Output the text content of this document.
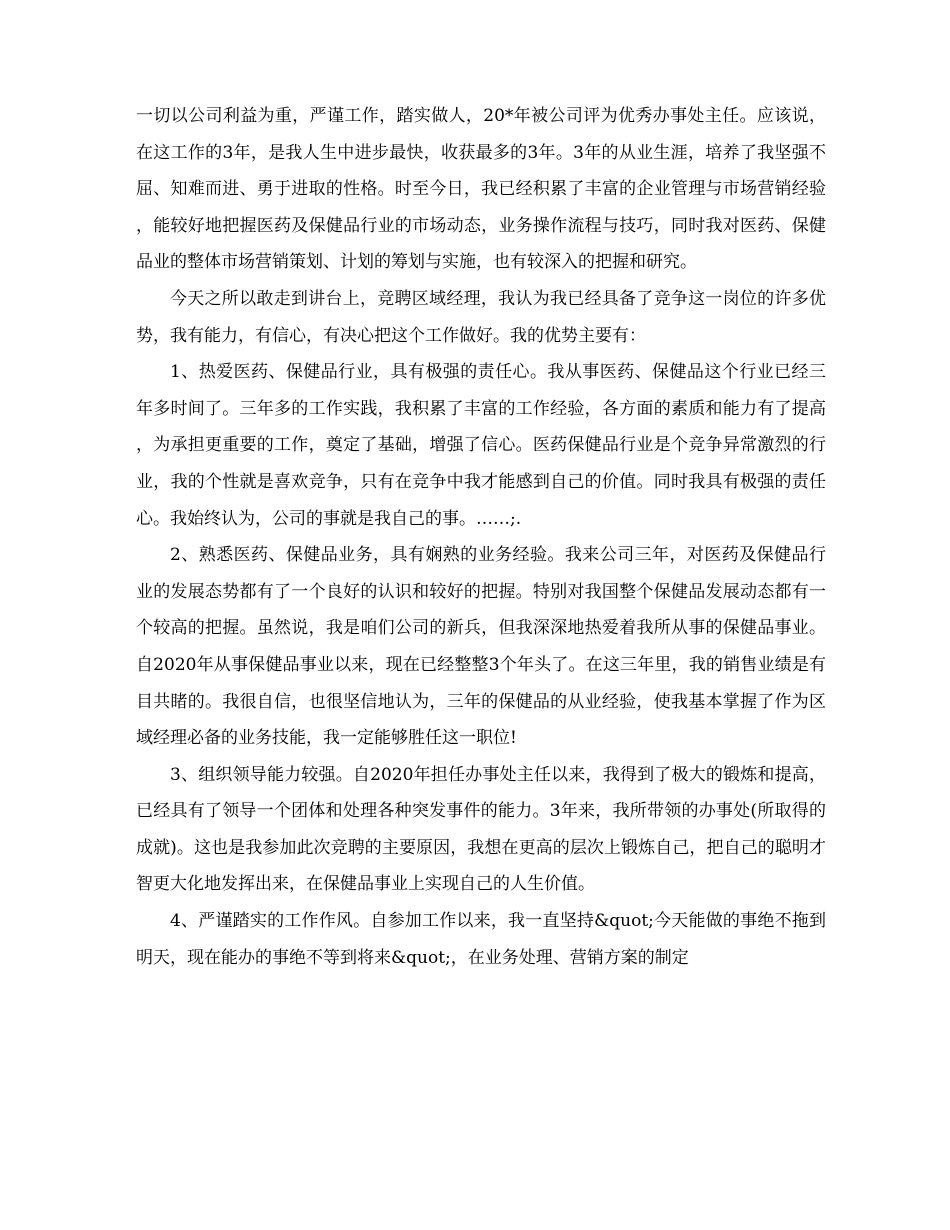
一切以公司利益为重，严谨工作，踏实做人，20*年被公司评为优秀办事处主任。应该说，在这工作的3年，是我人生中进步最快，收获最多的3年。3年的从业生涯，培养了我坚强不屈、知难而进、勇于进取的性格。时至今日，我已经积累了丰富的企业管理与市场营销经验，能较好地把握医药及保健品行业的市场动态，业务操作流程与技巧，同时我对医药、保健品业的整体市场营销策划、计划的筹划与实施，也有较深入的把握和研究。

今天之所以敢走到讲台上，竞聘区域经理，我认为我已经具备了竞争这一岗位的许多优势，我有能力，有信心，有决心把这个工作做好。我的优势主要有：

1、热爱医药、保健品行业，具有极强的责任心。我从事医药、保健品这个行业已经三年多时间了。三年多的工作实践，我积累了丰富的工作经验，各方面的素质和能力有了提高，为承担更重要的工作，奠定了基础，增强了信心。医药保健品行业是个竞争异常激烈的行业，我的个性就是喜欢竞争，只有在竞争中我才能感到自己的价值。同时我具有极强的责任心。我始终认为，公司的事就是我自己的事。……;.

2、熟悉医药、保健品业务，具有娴熟的业务经验。我来公司三年，对医药及保健品行业的发展态势都有了一个良好的认识和较好的把握。特别对我国整个保健品发展动态都有一个较高的把握。虽然说，我是咱们公司的新兵，但我深深地热爱着我所从事的保健品事业。自2020年从事保健品事业以来，现在已经整整3个年头了。在这三年里，我的销售业绩是有目共睹的。我很自信，也很坚信地认为，三年的保健品的从业经验，使我基本掌握了作为区域经理必备的业务技能，我一定能够胜任这一职位!

3、组织领导能力较强。自2020年担任办事处主任以来，我得到了极大的锻炼和提高，已经具有了领导一个团体和处理各种突发事件的能力。3年来，我所带领的办事处(所取得的成就)。这也是我参加此次竞聘的主要原因，我想在更高的层次上锻炼自己，把自己的聪明才智更大化地发挥出来，在保健品事业上实现自己的人生价值。

4、严谨踏实的工作作风。自参加工作以来，我一直坚持&quot;今天能做的事绝不拖到明天，现在能办的事绝不等到将来&quot;，在业务处理、营销方案的制定
